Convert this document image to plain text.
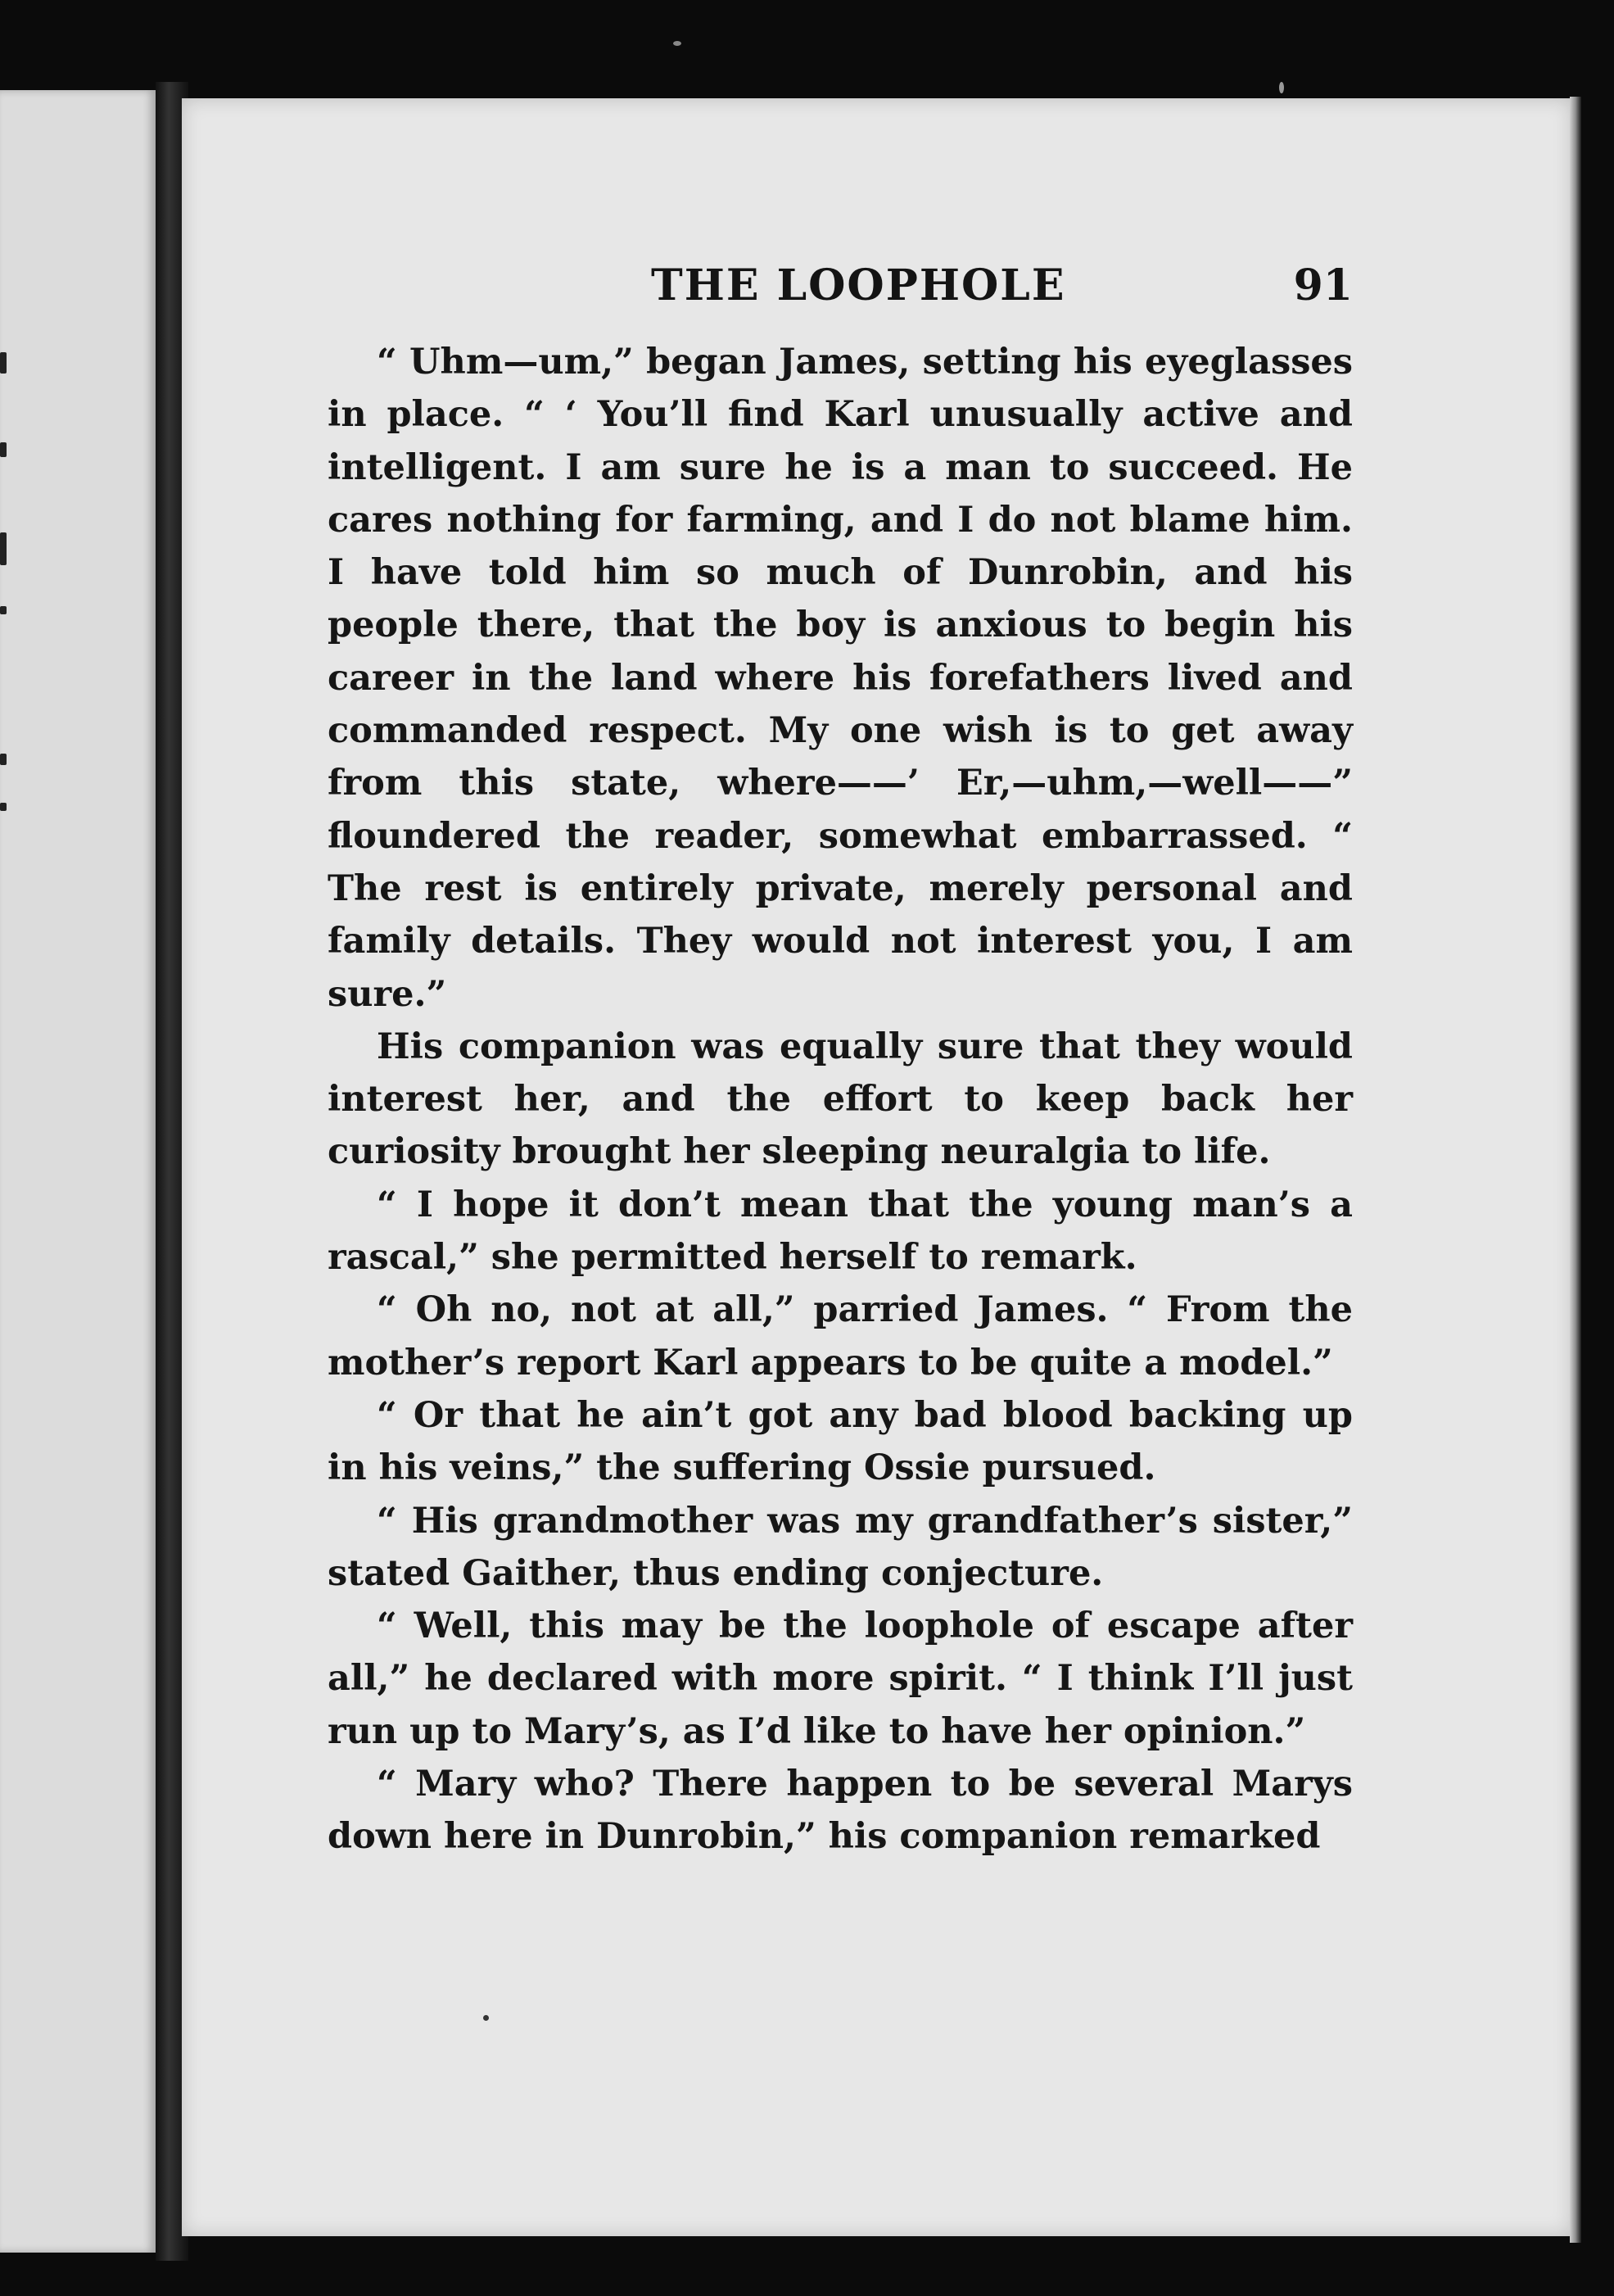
THE LOOPHOLE	91

“ Uhm—um,” began James, setting his eyeglasses in place. “ ‘ You’ll find Karl unusually active and intelligent. I am sure he is a man to succeed. He cares nothing for farming, and I do not blame him. I have told him so much of Dunrobin, and his people there, that the boy is anxious to begin his career in the land where his forefathers lived and commanded respect. My one wish is to get away from this state, where——’ Er,—uhm,—well——” floundered the reader, somewhat embarrassed. “ The rest is entirely private, merely personal and family details. They would not interest you, I am sure.”

His companion was equally sure that they would interest her, and the effort to keep back her curiosity brought her sleeping neuralgia to life.

“ I hope it don’t mean that the young man’s a rascal,” she permitted herself to remark.

“ Oh no, not at all,” parried James. “ From the mother’s report Karl appears to be quite a model.”

“ Or that he ain’t got any bad blood backing up in his veins,” the suffering Ossie pursued.

“ His grandmother was my grandfather’s sister,” stated Gaither, thus ending conjecture.

“ Well, this may be the loophole of escape after all,” he declared with more spirit. “ I think I’ll just run up to Mary’s, as I’d like to have her opinion.”

“ Mary who? There happen to be several Marys down here in Dunrobin,” his companion remarked
